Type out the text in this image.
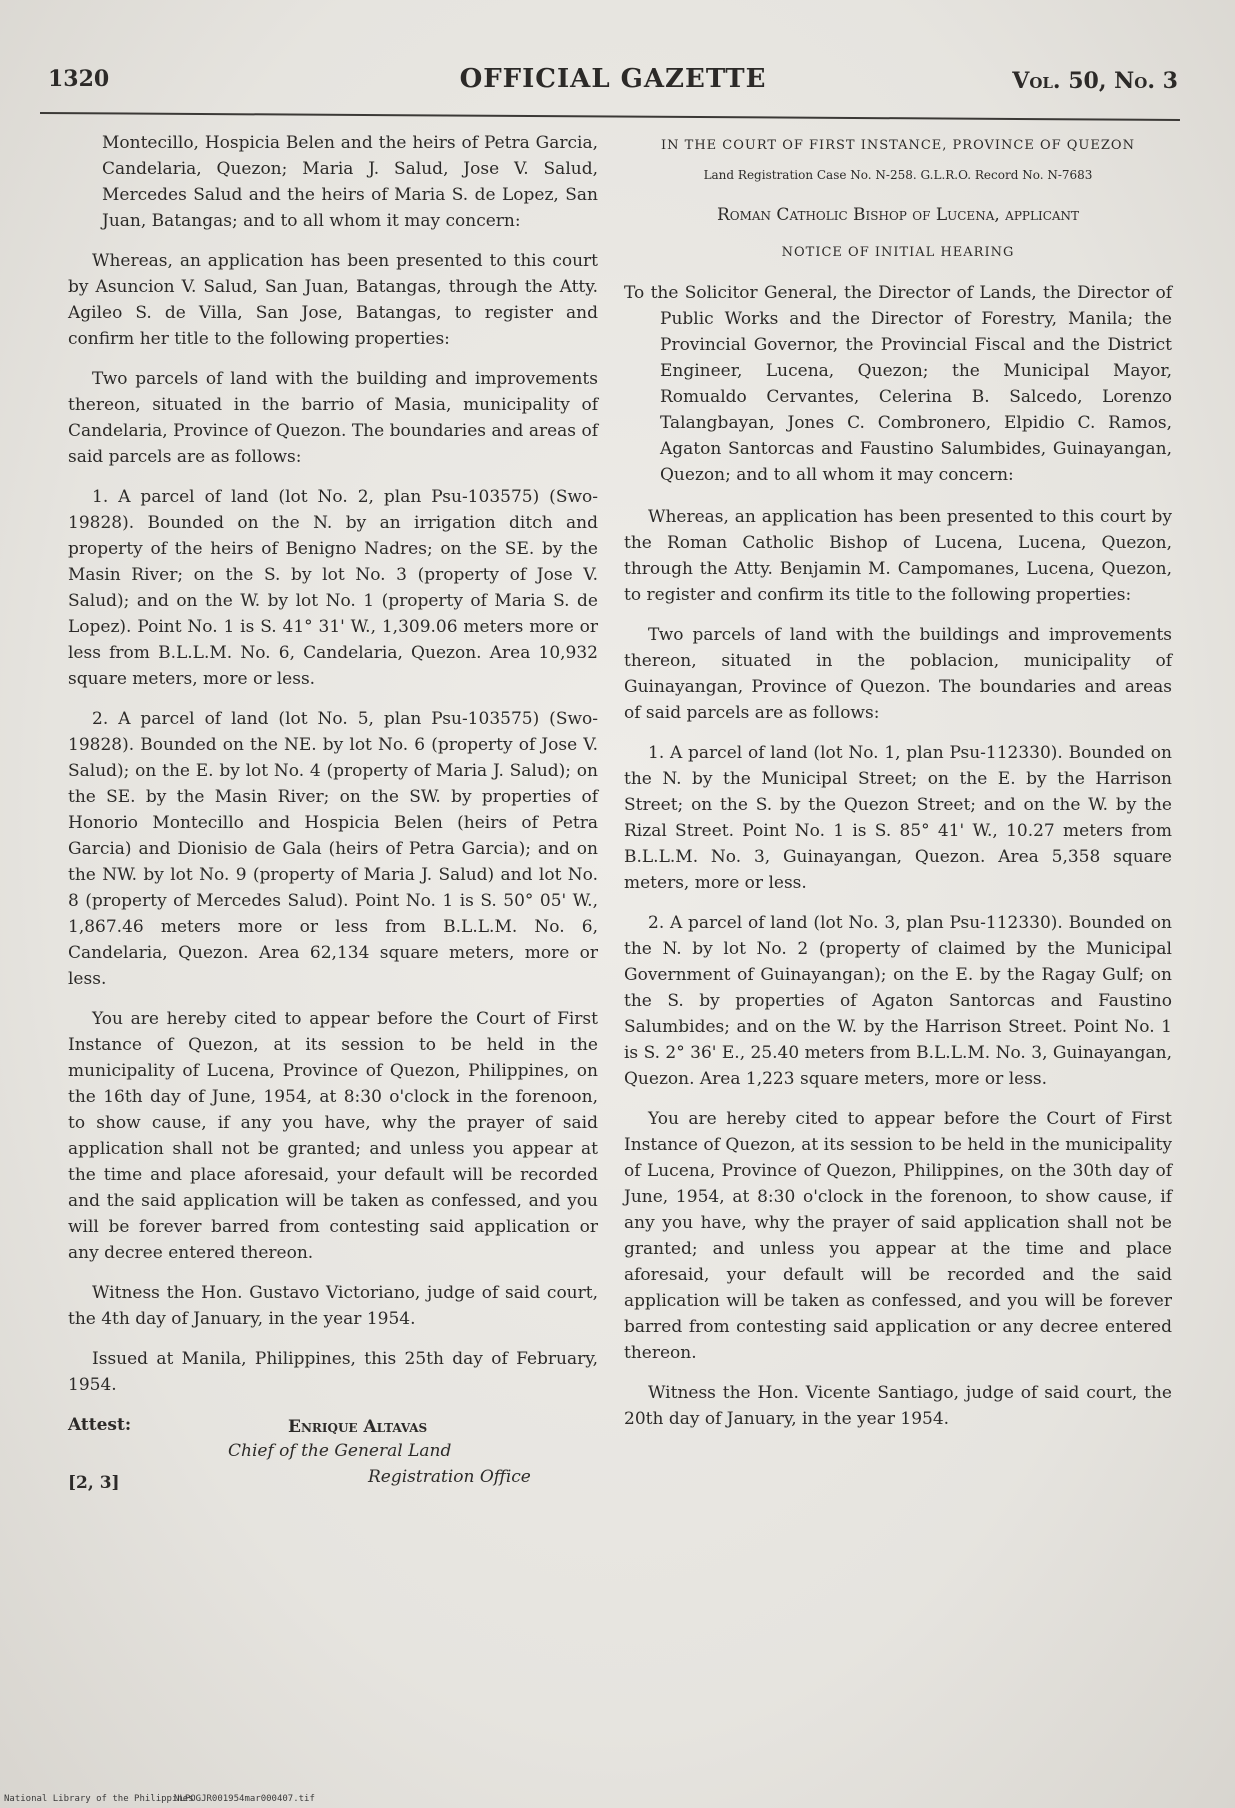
1320	OFFICIAL GAZETTE	Vol. 50, No. 3
Montecillo, Hospicia Belen and the heirs of Petra Garcia, Candelaria, Quezon; Maria J. Salud, Jose V. Salud, Mercedes Salud and the heirs of Maria S. de Lopez, San Juan, Batangas; and to all whom it may concern:

Whereas, an application has been presented to this court by Asuncion V. Salud, San Juan, Batangas, through the Atty. Agileo S. de Villa, San Jose, Batangas, to register and confirm her title to the following properties:

Two parcels of land with the building and improvements thereon, situated in the barrio of Masia, municipality of Candelaria, Province of Quezon. The boundaries and areas of said parcels are as follows:

1. A parcel of land (lot No. 2, plan Psu-103575) (Swo-19828). Bounded on the N. by an irrigation ditch and property of the heirs of Benigno Nadres; on the SE. by the Masin River; on the S. by lot No. 3 (property of Jose V. Salud); and on the W. by lot No. 1 (property of Maria S. de Lopez). Point No. 1 is S. 41° 31' W., 1,309.06 meters more or less from B.L.L.M. No. 6, Candelaria, Quezon. Area 10,932 square meters, more or less.

2. A parcel of land (lot No. 5, plan Psu-103575) (Swo-19828). Bounded on the NE. by lot No. 6 (property of Jose V. Salud); on the E. by lot No. 4 (property of Maria J. Salud); on the SE. by the Masin River; on the SW. by properties of Honorio Montecillo and Hospicia Belen (heirs of Petra Garcia) and Dionisio de Gala (heirs of Petra Garcia); and on the NW. by lot No. 9 (property of Maria J. Salud) and lot No. 8 (property of Mercedes Salud). Point No. 1 is S. 50° 05' W., 1,867.46 meters more or less from B.L.L.M. No. 6, Candelaria, Quezon. Area 62,134 square meters, more or less.

You are hereby cited to appear before the Court of First Instance of Quezon, at its session to be held in the municipality of Lucena, Province of Quezon, Philippines, on the 16th day of June, 1954, at 8:30 o'clock in the forenoon, to show cause, if any you have, why the prayer of said application shall not be granted; and unless you appear at the time and place aforesaid, your default will be recorded and the said application will be taken as confessed, and you will be forever barred from contesting said application or any decree entered thereon.

Witness the Hon. Gustavo Victoriano, judge of said court, the 4th day of January, in the year 1954.

Issued at Manila, Philippines, this 25th day of February, 1954.

Attest:	Enrique Altavas
Chief of the General Land
Registration Office
[2, 3]
IN THE COURT OF FIRST INSTANCE, PROVINCE OF QUEZON
Land Registration Case No. N-258. G.L.R.O. Record No. N-7683
Roman Catholic Bishop of Lucena, applicant
NOTICE OF INITIAL HEARING
To the Solicitor General, the Director of Lands, the Director of Public Works and the Director of Forestry, Manila; the Provincial Governor, the Provincial Fiscal and the District Engineer, Lucena, Quezon; the Municipal Mayor, Romualdo Cervantes, Celerina B. Salcedo, Lorenzo Talangbayan, Jones C. Combronero, Elpidio C. Ramos, Agaton Santorcas and Faustino Salumbides, Guinayangan, Quezon; and to all whom it may concern:

Whereas, an application has been presented to this court by the Roman Catholic Bishop of Lucena, Lucena, Quezon, through the Atty. Benjamin M. Campomanes, Lucena, Quezon, to register and confirm its title to the following properties:

Two parcels of land with the buildings and improvements thereon, situated in the poblacion, municipality of Guinayangan, Province of Quezon. The boundaries and areas of said parcels are as follows:

1. A parcel of land (lot No. 1, plan Psu-112330). Bounded on the N. by the Municipal Street; on the E. by the Harrison Street; on the S. by the Quezon Street; and on the W. by the Rizal Street. Point No. 1 is S. 85° 41' W., 10.27 meters from B.L.L.M. No. 3, Guinayangan, Quezon. Area 5,358 square meters, more or less.

2. A parcel of land (lot No. 3, plan Psu-112330). Bounded on the N. by lot No. 2 (property of claimed by the Municipal Government of Guinayangan); on the E. by the Ragay Gulf; on the S. by properties of Agaton Santorcas and Faustino Salumbides; and on the W. by the Harrison Street. Point No. 1 is S. 2° 36' E., 25.40 meters from B.L.L.M. No. 3, Guinayangan, Quezon. Area 1,223 square meters, more or less.

You are hereby cited to appear before the Court of First Instance of Quezon, at its session to be held in the municipality of Lucena, Province of Quezon, Philippines, on the 30th day of June, 1954, at 8:30 o'clock in the forenoon, to show cause, if any you have, why the prayer of said application shall not be granted; and unless you appear at the time and place aforesaid, your default will be recorded and the said application will be taken as confessed, and you will be forever barred from contesting said application or any decree entered thereon.

Witness the Hon. Vicente Santiago, judge of said court, the 20th day of January, in the year 1954.

National Library of the Philippines
NLPOGJR001954mar000407.tif
